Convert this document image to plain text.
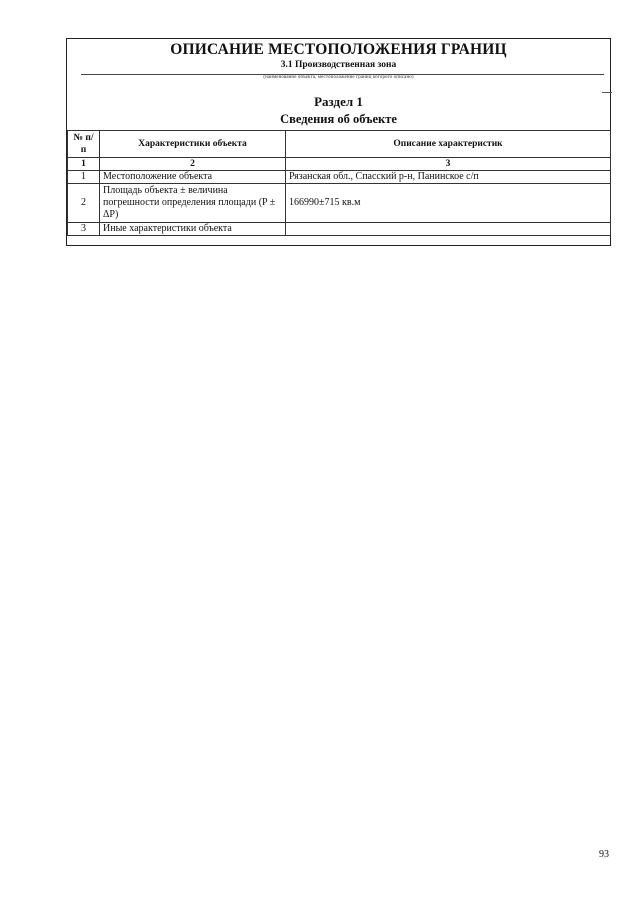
ОПИСАНИЕ МЕСТОПОЛОЖЕНИЯ ГРАНИЦ
3.1 Производственная зона
(наименование объекта, местоположение границ которого описано)
Раздел 1
Сведения об объекте
№ п/п	Характеристики объекта	Описание характеристик
1	2	3
1	Местоположение объекта	Рязанская обл., Спасский р-н, Панинское с/п
2	Площадь объекта ± величина погрешности определения площади (P ± ΔР)	166990±715 кв.м
3	Иные характеристики объекта	
93
